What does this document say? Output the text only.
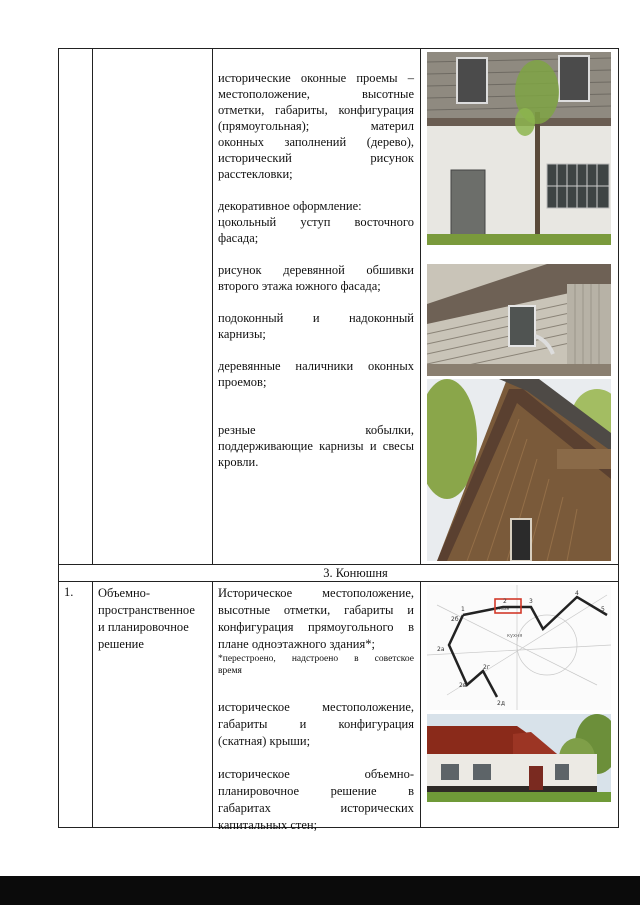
исторические оконные проемы –

местоположение, высотные

отметки, габариты, конфигурация

(прямоугольная); материл

оконных заполнений (дерево),

исторический рисунок

расстекловки;

декоративное оформление:

цокольный уступ восточного

фасада;

рисунок деревянной обшивки

второго этажа южного фасада;

подоконный и надоконный

карнизы;

деревянные наличники оконных

проемов;

резные кобылки,

поддерживающие карнизы и свесы

кровли.

3. Конюшня
1. Объемно-
пространственное
и планировочное
решение

Историческое местоположение,

высотные отметки, габариты и

конфигурация прямоугольного в

плане одноэтажного здания*;

*перестроено, надстроено в советское

время

историческое местоположение,

габариты и конфигурация

(скатная) крыши;

историческое объемно-

планировочное решение в

габаритах исторических

капитальных стен;

1
2	3
4
5
2б
2а
2в
2г
2д
план
кухня
